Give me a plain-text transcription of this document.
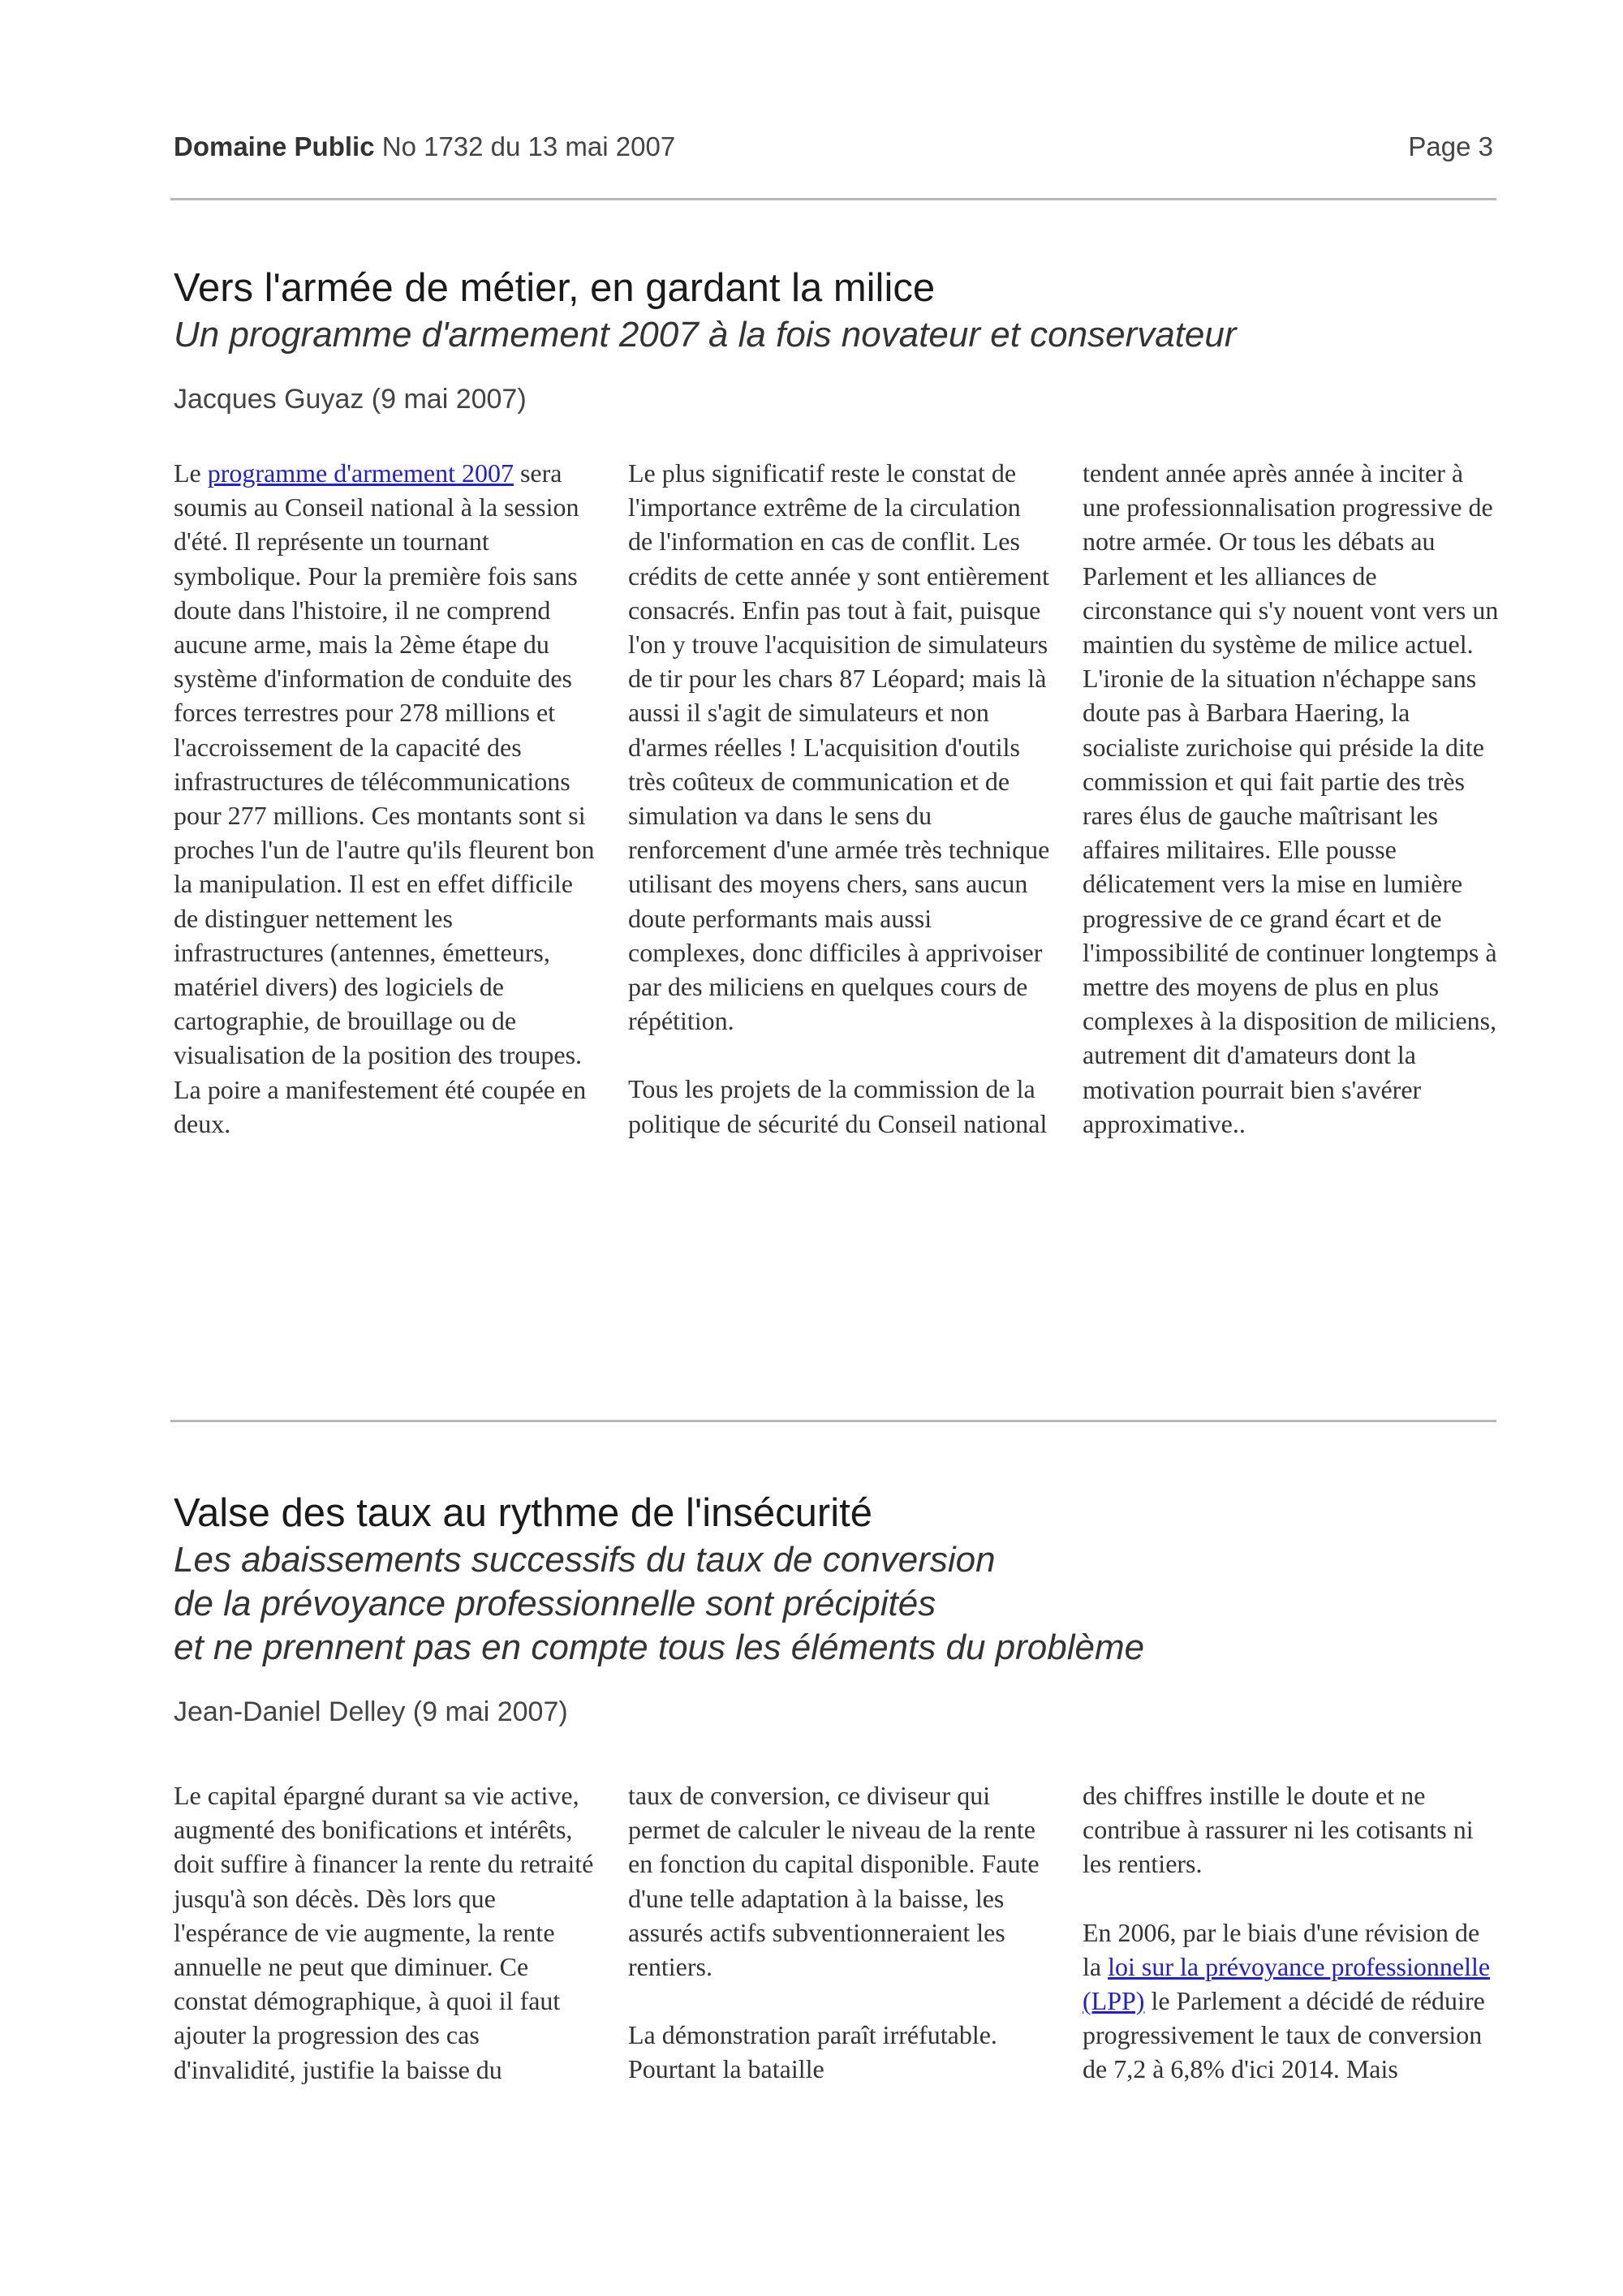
Domaine Public No 1732 du 13 mai 2007	Page 3
Vers l'armée de métier, en gardant la milice

Un programme d'armement 2007 à la fois novateur et conservateur

Jacques Guyaz (9 mai 2007)

Le programme d'armement 2007 sera soumis au Conseil national à la session d'été. Il représente un tournant symbolique. Pour la première fois sans doute dans l'histoire, il ne comprend aucune arme, mais la 2ème étape du système d'information de conduite des forces terrestres pour 278 millions et l'accroissement de la capacité des infrastructures de télécommunications pour 277 millions. Ces montants sont si proches l'un de l'autre qu'ils fleurent bon la manipulation. Il est en effet difficile de distinguer nettement les infrastructures (antennes, émetteurs, matériel divers) des logiciels de cartographie, de brouillage ou de visualisation de la position des troupes. La poire a manifestement été coupée en deux.

Le plus significatif reste le constat de l'importance extrême de la circulation de l'information en cas de conflit. Les crédits de cette année y sont entièrement consacrés. Enfin pas tout à fait, puisque l'on y trouve l'acquisition de simulateurs de tir pour les chars 87 Léopard; mais là aussi il s'agit de simulateurs et non d'armes réelles ! L'acquisition d'outils très coûteux de communication et de simulation va dans le sens du renforcement d'une armée très technique utilisant des moyens chers, sans aucun doute performants mais aussi complexes, donc difficiles à apprivoiser par des miliciens en quelques cours de répétition.

Tous les projets de la commission de la politique de sécurité du Conseil national

tendent année après année à inciter à une professionnalisation progressive de notre armée. Or tous les débats au Parlement et les alliances de circonstance qui s'y nouent vont vers un maintien du système de milice actuel. L'ironie de la situation n'échappe sans doute pas à Barbara Haering, la socialiste zurichoise qui préside la dite commission et qui fait partie des très rares élus de gauche maîtrisant les affaires militaires. Elle pousse délicatement vers la mise en lumière progressive de ce grand écart et de l'impossibilité de continuer longtemps à mettre des moyens de plus en plus complexes à la disposition de miliciens, autrement dit d'amateurs dont la motivation pourrait bien s'avérer approximative..

Valse des taux au rythme de l'insécurité

Les abaissements successifs du taux de conversion
de la prévoyance professionnelle sont précipités
et ne prennent pas en compte tous les éléments du problème

Jean-Daniel Delley (9 mai 2007)

Le capital épargné durant sa vie active, augmenté des bonifications et intérêts, doit suffire à financer la rente du retraité jusqu'à son décès. Dès lors que l'espérance de vie augmente, la rente annuelle ne peut que diminuer. Ce constat démographique, à quoi il faut ajouter la progression des cas d'invalidité, justifie la baisse du

taux de conversion, ce diviseur qui permet de calculer le niveau de la rente en fonction du capital disponible. Faute d'une telle adaptation à la baisse, les assurés actifs subventionneraient les rentiers.

La démonstration paraît irréfutable. Pourtant la bataille

des chiffres instille le doute et ne contribue à rassurer ni les cotisants ni les rentiers.

En 2006, par le biais d'une révision de la loi sur la prévoyance professionnelle (LPP) le Parlement a décidé de réduire progressivement le taux de conversion de 7,2 à 6,8% d'ici 2014. Mais
